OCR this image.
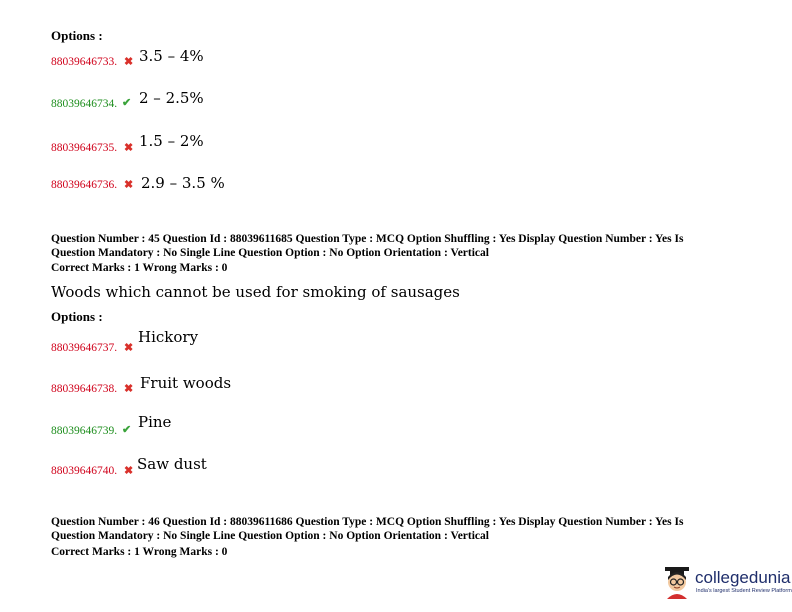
Options :
88039646733. ✖ 3.5 – 4%
88039646734. ✔ 2 – 2.5%
88039646735. ✖ 1.5 – 2%
88039646736. ✖ 2.9 – 3.5 %
Question Number : 45 Question Id : 88039611685 Question Type : MCQ Option Shuffling : Yes Display Question Number : Yes Is
Question Mandatory : No Single Line Question Option : No Option Orientation : Vertical
Correct Marks : 1 Wrong Marks : 0
Woods which cannot be used for smoking of sausages
Options :
88039646737. ✖
Hickory
88039646738. ✖ Fruit woods
88039646739. ✔ Pine
88039646740. ✖ Saw dust
Question Number : 46 Question Id : 88039611686 Question Type : MCQ Option Shuffling : Yes Display Question Number : Yes Is
Question Mandatory : No Single Line Question Option : No Option Orientation : Vertical
Correct Marks : 1 Wrong Marks : 0
collegedunia
India's largest Student Review Platform
